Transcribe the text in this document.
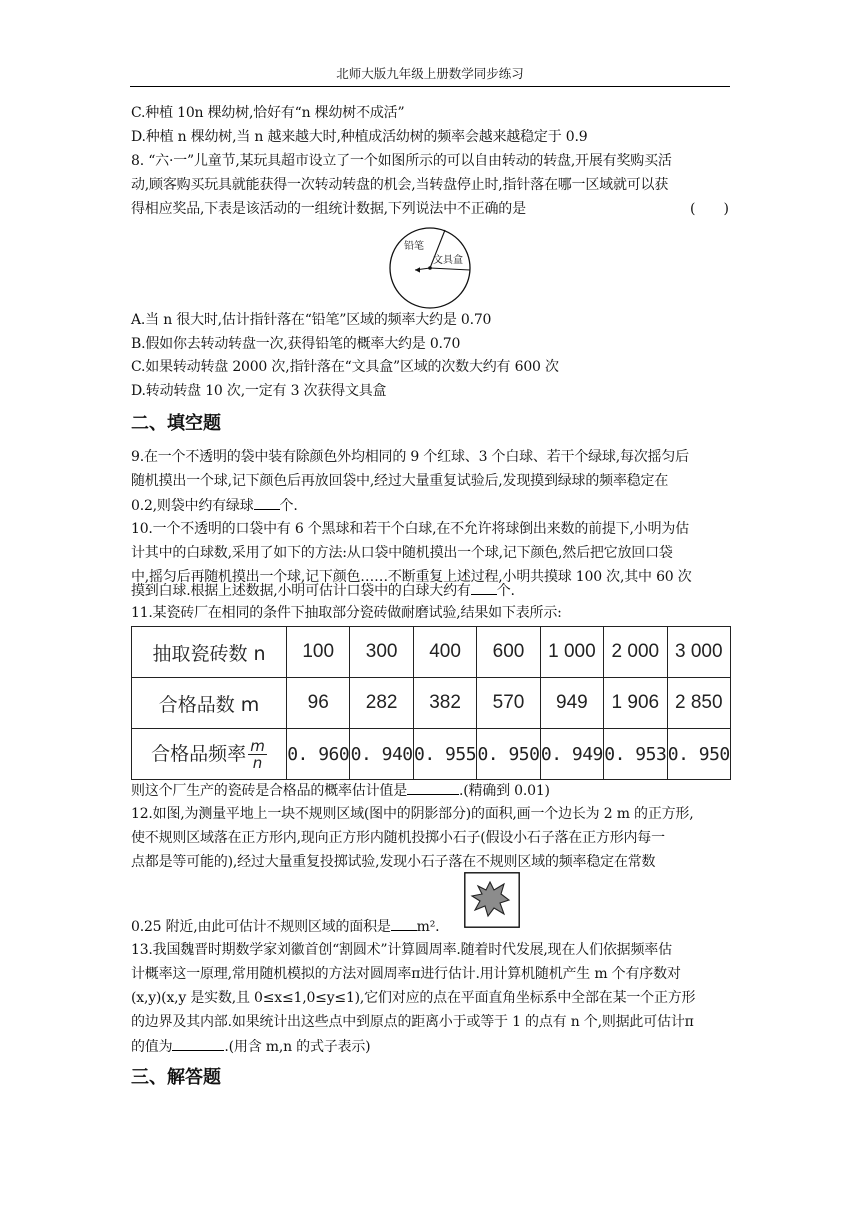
北师大版九年级上册数学同步练习
C.种植 10n 棵幼树,恰好有“n 棵幼树不成活”
D.种植 n 棵幼树,当 n 越来越大时,种植成活幼树的频率会越来越稳定于 0.9
8. “六·一”儿童节,某玩具超市设立了一个如图所示的可以自由转动的转盘,开展有奖购买活
动,顾客购买玩具就能获得一次转动转盘的机会,当转盘停止时,指针落在哪一区域就可以获
得相应奖品,下表是该活动的一组统计数据,下列说法中不正确的是	(　　)
铅笔
文具盒
A.当 n 很大时,估计指针落在“铅笔”区域的频率大约是 0.70
B.假如你去转动转盘一次,获得铅笔的概率大约是 0.70
C.如果转动转盘 2000 次,指针落在“文具盒”区域的次数大约有 600 次
D.转动转盘 10 次,一定有 3 次获得文具盒
二、填空题
9.在一个不透明的袋中装有除颜色外均相同的 9 个红球、3 个白球、若干个绿球,每次摇匀后
随机摸出一个球,记下颜色后再放回袋中,经过大量重复试验后,发现摸到绿球的频率稳定在
0.2,则袋中约有绿球 个.
10.一个不透明的口袋中有 6 个黑球和若干个白球,在不允许将球倒出来数的前提下,小明为估
计其中的白球数,采用了如下的方法:从口袋中随机摸出一个球,记下颜色,然后把它放回口袋
中,摇匀后再随机摸出一个球,记下颜色……不断重复上述过程,小明共摸球 100 次,其中 60 次
摸到白球.根据上述数据,小明可估计口袋中的白球大约有 个.
11.某瓷砖厂在相同的条件下抽取部分瓷砖做耐磨试验,结果如下表所示:
抽取瓷砖数 n	100	300	400	600	1 000	2 000	3 000
合格品数 m	96	282	382	570	949	1 906	2 850
合格品频率 $\frac{m}{n}$	0. 960	0. 940	0. 955	0. 950	0. 949	0. 953	0. 950
则这个厂生产的瓷砖是合格品的概率估计值是	.(精确到 0.01)
12.如图,为测量平地上一块不规则区域(图中的阴影部分)的面积,画一个边长为 2 m 的正方形,
使不规则区域落在正方形内,现向正方形内随机投掷小石子(假设小石子落在正方形内每一
点都是等可能的),经过大量重复投掷试验,发现小石子落在不规则区域的频率稳定在常数
0.25 附近,由此可估计不规则区域的面积是 m².
13.我国魏晋时期数学家刘徽首创“割圆术”计算圆周率.随着时代发展,现在人们依据频率估
计概率这一原理,常用随机模拟的方法对圆周率π进行估计.用计算机随机产生 m 个有序数对
(x,y)(x,y 是实数,且 0≤x≤1,0≤y≤1),它们对应的点在平面直角坐标系中全部在某一个正方形
的边界及其内部.如果统计出这些点中到原点的距离小于或等于 1 的点有 n 个,则据此可估计π
的值为	.(用含 m,n 的式子表示)
三、解答题
